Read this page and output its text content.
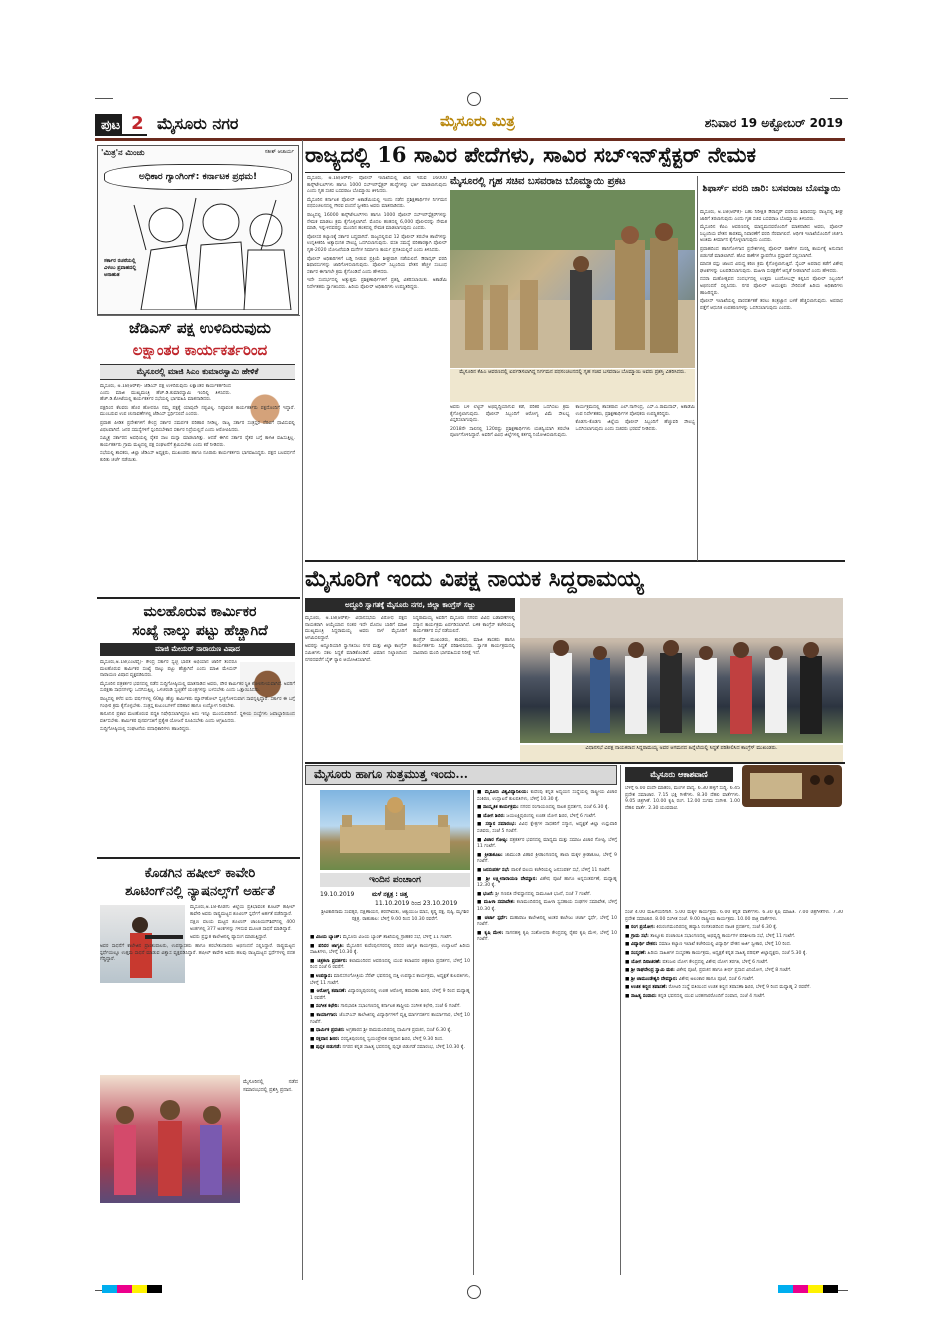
ಪುಟ 2 ಮೈಸೂರು ನಗರ	ಮೈಸೂರು ಮಿತ್ರ	ಶನಿವಾರ 19 ಅಕ್ಟೋಬರ್ 2019
'ಮಿತ್ರ'ನ ಮಿಂಚು	ಸತೀಶ್ ಆಚಾರ್ಯ
ಅಧಿಕಾರ ಗ್ಯಾಂಗಿಂಗ್: ಕರ್ನಾಟಕ ಪ್ರಥಮ!
ಸರ್ಕಾರ ರಚನೆಯಲ್ಲಿ ವಿಳಂಬ ಪ್ರವಾಹದಲ್ಲಿ ಅನಾಹುತ
ರಾಜ್ಯದಲ್ಲಿ 16 ಸಾವಿರ ಪೇದೆಗಳು, ಸಾವಿರ ಸಬ್‌ಇನ್‌ಸ್ಪೆಕ್ಟರ್ ನೇಮಕ
ಮೈಸೂರಲ್ಲಿ ಗೃಹ ಸಚಿವ ಬಸವರಾಜ ಬೊಮ್ಮಾಯಿ ಪ್ರಕಟ

ಮೈಸೂರು, ಅ.18(ಆರ್‌ಕೆ)- ಪೊಲೀಸ್ ಇಲಾಖೆಯಲ್ಲಿ ಖಾಲಿ ಇರುವ 16000 ಕಾನ್ಸ್‌ಟೇಬಲ್‌ಗಳು ಹಾಗೂ 1000 ಸಬ್‌ಇನ್‌ಸ್ಪೆಕ್ಟರ್ ಹುದ್ದೆಗಳನ್ನು ಭರ್ತಿ ಮಾಡಲಾಗುವುದು ಎಂದು ಗೃಹ ಸಚಿವ ಬಸವರಾಜ ಬೊಮ್ಮಾಯಿ ತಿಳಿಸಿದರು.

ಮೈಸೂರಿನ ಕರ್ನಾಟಕ ಪೊಲೀಸ್ ಅಕಾಡೆಮಿಯಲ್ಲಿ ಇಂದು ನಡೆದ ಪ್ರಶಿಕ್ಷಣಾರ್ಥಿಗಳ ನಿರ್ಗಮನ ಪಥಸಂಚಲನದಲ್ಲಿ ಗೌರವ ವಂದನೆ ಸ್ವೀಕರಿಸಿ ಅವರು ಮಾತನಾಡಿದರು.

ರಾಜ್ಯದಲ್ಲಿ 16000 ಕಾನ್ಸ್‌ಟೇಬಲ್‌ಗಳು ಹಾಗೂ 1000 ಪೊಲೀಸ್ ಸಬ್‌ಇನ್‌ಸ್ಪೆಕ್ಟರ್‌ಗಳನ್ನು ನೇಮಕ ಮಾಡಲು ಕ್ರಮ ಕೈಗೊಳ್ಳಲಾಗಿದೆ. ಮೊದಲ ಹಂತದಲ್ಲಿ 6,000 ಪೊಲೀಸರನ್ನು ನೇಮಕ ಮಾಡಿ, ಇನ್ನುಳಿದವರನ್ನು ಮುಂದಿನ ಹಂತದಲ್ಲಿ ನೇಮಕ ಮಾಡಲಾಗುವುದು ಎಂದರು.

ಪೊಲೀಸರ ಕಲ್ಯಾಣಕ್ಕೆ ಸರ್ಕಾರ ಬದ್ಧವಾಗಿದೆ. ರಾಜ್ಯದಲ್ಲಿರುವ 12 ಪೊಲೀಸ್ ತರಬೇತಿ ಶಾಲೆಗಳನ್ನು ಉನ್ನತೀಕರಿಸಿ ಅತ್ಯಾಧುನಿಕ ಸೌಲಭ್ಯ ಒದಗಿಸಲಾಗುವುದು. ವಸತಿ ಸಮಸ್ಯೆ ಪರಿಹಾರಕ್ಕಾಗಿ ಪೊಲೀಸ್ ಗೃಹ-2020 ಯೋಜನೆಯಡಿ ಮನೆಗಳ ನಿರ್ಮಾಣ ಕಾರ್ಯ ಪ್ರಗತಿಯಲ್ಲಿದೆ ಎಂದು ತಿಳಿಸಿದರು.

ಪೊಲೀಸ್ ಅಧಿಕಾರಿಗಳಿಗೆ ಬಡ್ತಿ ನೀಡುವ ಪ್ರಕ್ರಿಯೆ ಶೀಘ್ರವಾಗಿ ನಡೆಯಲಿದೆ. ಔರಾದ್ಕರ್ ವರದಿ ಶಿಫಾರಸುಗಳನ್ನು ಜಾರಿಗೊಳಿಸಲಾಗುವುದು. ಪೊಲೀಸ್ ಸಿಬ್ಬಂದಿಯ ವೇತನ ಹೆಚ್ಚಳ ಸಂಬಂಧ ಸರ್ಕಾರ ಈಗಾಗಲೇ ಕ್ರಮ ಕೈಗೊಂಡಿದೆ ಎಂದು ಹೇಳಿದರು.

ಇದೇ ಸಂದರ್ಭದಲ್ಲಿ ಅತ್ಯುತ್ತಮ ಪ್ರಶಿಕ್ಷಣಾರ್ಥಿಗಳಿಗೆ ಪ್ರಶಸ್ತಿ ವಿತರಿಸಲಾಯಿತು. ಅಕಾಡೆಮಿ ನಿರ್ದೇಶಕರು ಸ್ವಾಗತಿಸಿದರು. ಹಿರಿಯ ಪೊಲೀಸ್ ಅಧಿಕಾರಿಗಳು ಉಪಸ್ಥಿತರಿದ್ದರು.

ಮೈಸೂರಿನ ಕೆಪಿಎ ಆವರಣದಲ್ಲಿ ಏರ್ಪಡಿಸಲಾಗಿದ್ದ ನಿರ್ಗಮನ ಪಥಸಂಚಲನದಲ್ಲಿ ಗೃಹ ಸಚಿವ ಬಸವರಾಜ ಬೊಮ್ಮಾಯಿ ಅವರು ಪ್ರಶಸ್ತಿ ವಿತರಿಸಿದರು.
ಶಿಫಾರ್ಸ್ ವರದಿ ಜಾರಿ: ಬಸವರಾಜ ಬೊಮ್ಮಾಯಿ

ಮೈಸೂರು, ಅ.18(ಆರ್‌ಕೆ)- ಬಹು ನಿರೀಕ್ಷಿತ ಔರಾದ್ಕರ್ ವರದಿಯ ಶಿಫಾರಸನ್ನು ರಾಜ್ಯದಲ್ಲಿ ಶೀಘ್ರ ಜಾರಿಗೆ ತರಲಾಗುವುದು ಎಂದು ಗೃಹ ಸಚಿವ ಬಸವರಾಜ ಬೊಮ್ಮಾಯಿ ತಿಳಿಸಿದರು.

ಮೈಸೂರಿನ ಕೆಪಿಎ ಆವರಣದಲ್ಲಿ ಮಾಧ್ಯಮದವರೊಂದಿಗೆ ಮಾತನಾಡಿದ ಅವರು, ಪೊಲೀಸ್ ಸಿಬ್ಬಂದಿಯ ವೇತನ ತಾರತಮ್ಯ ನಿವಾರಣೆಗೆ ವರದಿ ನೆರವಾಗಲಿದೆ. ಆರ್ಥಿಕ ಇಲಾಖೆಯೊಂದಿಗೆ ಚರ್ಚಿಸಿ ಅಂತಿಮ ತೀರ್ಮಾನ ಕೈಗೊಳ್ಳಲಾಗುವುದು ಎಂದರು.

ಪ್ರವಾಹದಿಂದ ಹಾನಿಗೊಳಗಾದ ಪ್ರದೇಶಗಳಲ್ಲಿ ಪೊಲೀಸ್ ಠಾಣೆಗಳ ದುರಸ್ತಿ ಕಾರ್ಯಕ್ಕೆ ಅನುದಾನ ಬಿಡುಗಡೆ ಮಾಡಲಾಗಿದೆ. ಹೊಸ ಠಾಣೆಗಳ ಸ್ಥಾಪನೆಗೂ ಪ್ರಸ್ತಾವನೆ ಸಲ್ಲಿಸಲಾಗಿದೆ.

ಮಾದಕ ವಸ್ತು ಜಾಲದ ವಿರುದ್ಧ ಕಠಿಣ ಕ್ರಮ ಕೈಗೊಳ್ಳಲಾಗುತ್ತಿದೆ. ಸೈಬರ್ ಅಪರಾಧ ತಡೆಗೆ ವಿಶೇಷ ಘಟಕಗಳನ್ನು ಬಲಪಡಿಸಲಾಗುವುದು. ಮಹಿಳಾ ಸುರಕ್ಷತೆಗೆ ಆದ್ಯತೆ ನೀಡಲಾಗಿದೆ ಎಂದು ಹೇಳಿದರು.

ದಸರಾ ಮಹೋತ್ಸವದ ಸಂದರ್ಭದಲ್ಲಿ ಉತ್ತಮ ಬಂದೋಬಸ್ತ್ ಕಲ್ಪಿಸಿದ ಪೊಲೀಸ್ ಸಿಬ್ಬಂದಿಗೆ ಅಭಿನಂದನೆ ಸಲ್ಲಿಸಿದರು. ನಗರ ಪೊಲೀಸ್ ಆಯುಕ್ತರು ಸೇರಿದಂತೆ ಹಿರಿಯ ಅಧಿಕಾರಿಗಳು ಹಾಜರಿದ್ದರು.

ಪೊಲೀಸ್ ಇಲಾಖೆಯಲ್ಲಿ ಪಾರದರ್ಶಕತೆ ತರಲು ತಂತ್ರಜ್ಞಾನ ಬಳಕೆ ಹೆಚ್ಚಿಸಲಾಗುವುದು. ಅಪರಾಧ ಪತ್ತೆಗೆ ಆಧುನಿಕ ಉಪಕರಣಗಳನ್ನು ಒದಗಿಸಲಾಗುವುದು ಎಂದರು.

ಅವರು ಬಳಿ ಲೆಟ್ಟಿಸ್ ಅಭಿವೃದ್ಧಿಯಾಗುವ ಕಡೆ, ಪರಿಕರ ಒದಗಿಸಲು ಕ್ರಮ ಕೈಗೊಳ್ಳಲಾಗುವುದು. ಪೊಲೀಸ್ ಸಿಬ್ಬಂದಿಗೆ ಆರೋಗ್ಯ ವಿಮೆ ಸೌಲಭ್ಯ ವಿಸ್ತರಿಸಲಾಗುವುದು.

2018ನೇ ಸಾಲಿನಲ್ಲಿ 120ರಷ್ಟು ಪ್ರಶಿಕ್ಷಣಾರ್ಥಿಗಳು ಯಶಸ್ವಿಯಾಗಿ ತರಬೇತಿ ಪೂರ್ಣಗೊಳಿಸಿದ್ದಾರೆ. ಅವರಿಗೆ ವಿವಿಧ ಜಿಲ್ಲೆಗಳಲ್ಲಿ ಕರ್ತವ್ಯ ನಿಯೋಜಿಸಲಾಗುವುದು.

ಕಾರ್ಯಕ್ರಮದಲ್ಲಿ ಶಾಸಕರಾದ ಎಲ್.ನಾಗೇಂದ್ರ, ಎಸ್.ಎ.ರಾಮದಾಸ್, ಅಕಾಡೆಮಿ ಉಪ ನಿರ್ದೇಶಕರು, ಪ್ರಶಿಕ್ಷಣಾರ್ಥಿಗಳ ಪೋಷಕರು ಉಪಸ್ಥಿತರಿದ್ದರು.

ಕೊಡಗು-ಕೊಡಗು ಜಿಲ್ಲೆಯ ಪೊಲೀಸ್ ಸಿಬ್ಬಂದಿಗೆ ಹೆಚ್ಚುವರಿ ಸೌಲಭ್ಯ ಒದಗಿಸಲಾಗುವುದು ಎಂದು ಸಚಿವರು ಭರವಸೆ ನೀಡಿದರು.

ಜೆಡಿಎಸ್ ಪಕ್ಷ ಉಳಿದಿರುವುದು
ಲಕ್ಷಾಂತರ ಕಾರ್ಯಕರ್ತರಿಂದ
ಮೈಸೂರಲ್ಲಿ ಮಾಜಿ ಸಿಎಂ ಕುಮಾರಸ್ವಾಮಿ ಹೇಳಿಕೆ

ಮೈಸೂರು, ಅ.18(ಆರ್‌ಕೆ)- ಜೆಡಿಎಸ್ ಪಕ್ಷ ಉಳಿದಿರುವುದು ಲಕ್ಷಾಂತರ ಕಾರ್ಯಕರ್ತರಿಂದ ಎಂದು ಮಾಜಿ ಮುಖ್ಯಮಂತ್ರಿ ಹೆಚ್.ಡಿ.ಕುಮಾರಸ್ವಾಮಿ ಇಂದಿಲ್ಲಿ ತಿಳಿಸಿದರು. ಹೆಚ್.ಡಿ.ಕೋಟೆಯಲ್ಲಿ ಕಾರ್ಯಕರ್ತರ ಸಭೆಯಲ್ಲಿ ಭಾಗವಹಿಸಿ ಮಾತನಾಡಿದರು.

ಪಕ್ಷದಿಂದ ಕೆಲವರು ಹೊರ ಹೋದರೂ ನಮ್ಮ ಪಕ್ಷಕ್ಕೆ ಯಾವುದೇ ನಷ್ಟವಿಲ್ಲ. ನಿಷ್ಠಾವಂತ ಕಾರ್ಯಕರ್ತರು ಪಕ್ಷದೊಂದಿಗೆ ಇದ್ದಾರೆ. ಮುಂಬರುವ ಉಪ ಚುನಾವಣೆಗಳಲ್ಲಿ ಜೆಡಿಎಸ್ ಸ್ಪರ್ಧಿಸಲಿದೆ ಎಂದರು.

ಪ್ರವಾಹ ಪೀಡಿತ ಪ್ರದೇಶಗಳಿಗೆ ಕೇಂದ್ರ ಸರ್ಕಾರ ಸಮರ್ಪಕ ಪರಿಹಾರ ನೀಡಿಲ್ಲ. ರಾಜ್ಯ ಸರ್ಕಾರ ಸಂತ್ರಸ್ತರ ನೆರವಿಗೆ ಧಾವಿಸುವಲ್ಲಿ ವಿಫಲವಾಗಿದೆ. ಜನರ ಸಮಸ್ಯೆಗಳಿಗೆ ಸ್ಪಂದಿಸಬೇಕಾದ ಸರ್ಕಾರ ನಿದ್ರೆಯಲ್ಲಿದೆ ಎಂದು ಆರೋಪಿಸಿದರು.

ಸಮ್ಮಿಶ್ರ ಸರ್ಕಾರದ ಅವಧಿಯಲ್ಲಿ ರೈತರ ಸಾಲ ಮನ್ನಾ ಮಾಡಲಾಗಿತ್ತು. ಆದರೆ ಈಗಿನ ಸರ್ಕಾರ ರೈತರ ಬಗ್ಗೆ ಕಾಳಜಿ ವಹಿಸುತ್ತಿಲ್ಲ. ಕಾರ್ಯಕರ್ತರು ಗ್ರಾಮ ಮಟ್ಟದಲ್ಲಿ ಪಕ್ಷ ಸಂಘಟನೆಗೆ ಶ್ರಮಿಸಬೇಕು ಎಂದು ಕರೆ ನೀಡಿದರು.

ಸಭೆಯಲ್ಲಿ ಶಾಸಕರು, ಜಿಲ್ಲಾ ಜೆಡಿಎಸ್ ಅಧ್ಯಕ್ಷರು, ಮುಖಂಡರು ಹಾಗೂ ನೂರಾರು ಕಾರ್ಯಕರ್ತರು ಭಾಗವಹಿಸಿದ್ದರು. ಪಕ್ಷದ ಬಲವರ್ಧನೆ ಕುರಿತು ಚರ್ಚೆ ನಡೆಯಿತು.

ಮೈಸೂರಿಗೆ ಇಂದು ವಿಪಕ್ಷ ನಾಯಕ ಸಿದ್ದರಾಮಯ್ಯ
ಅದ್ಧೂರಿ ಸ್ವಾಗತಕ್ಕೆ ಮೈಸೂರು ನಗರ, ಜಿಲ್ಲಾ ಕಾಂಗ್ರೆಸ್ ಸಜ್ಜು

ಮೈಸೂರು, ಅ.18(ಆರ್‌ಕೆ)- ವಿಧಾನಸಭೆಯ ವಿರೋಧ ಪಕ್ಷದ ನಾಯಕರಾಗಿ ಆಯ್ಕೆಯಾದ ನಂತರ ಇದೇ ಮೊದಲ ಬಾರಿಗೆ ಮಾಜಿ ಮುಖ್ಯಮಂತ್ರಿ ಸಿದ್ದರಾಮಯ್ಯ ಅವರು ನಾಳೆ ಮೈಸೂರಿಗೆ ಆಗಮಿಸಲಿದ್ದಾರೆ.

ಅವರನ್ನು ಅದ್ಧೂರಿಯಾಗಿ ಸ್ವಾಗತಿಸಲು ನಗರ ಮತ್ತು ಜಿಲ್ಲಾ ಕಾಂಗ್ರೆಸ್ ಸಮಿತಿಗಳು ಸಕಲ ಸಿದ್ಧತೆ ಮಾಡಿಕೊಂಡಿವೆ. ವಿಮಾನ ನಿಲ್ದಾಣದಿಂದ ನಗರದವರೆಗೆ ಬೈಕ್ ರ‍್ಯಾಲಿ ಆಯೋಜಿಸಲಾಗಿದೆ.

ಸಿದ್ದರಾಮಯ್ಯ ಅವರಿಗೆ ಮೈಸೂರು ನಗರದ ವಿವಿಧ ಬಡಾವಣೆಗಳಲ್ಲಿ ಸನ್ಮಾನ ಕಾರ್ಯಕ್ರಮ ಏರ್ಪಡಿಸಲಾಗಿದೆ. ಬಳಿಕ ಕಾಂಗ್ರೆಸ್ ಕಚೇರಿಯಲ್ಲಿ ಕಾರ್ಯಕರ್ತರ ಸಭೆ ನಡೆಯಲಿದೆ.

ಕಾಂಗ್ರೆಸ್ ಮುಖಂಡರು, ಶಾಸಕರು, ಮಾಜಿ ಶಾಸಕರು ಹಾಗೂ ಕಾರ್ಯಕರ್ತರು ಸಿದ್ಧತೆ ಪರಿಶೀಲಿಸಿದರು. ಸ್ವಾಗತ ಕಾರ್ಯಕ್ರಮದಲ್ಲಿ ಸಾವಿರಾರು ಮಂದಿ ಭಾಗವಹಿಸುವ ನಿರೀಕ್ಷೆ ಇದೆ.

ವಿಧಾನಸಭೆ ವಿಪಕ್ಷ ನಾಯಕರಾದ ಸಿದ್ದರಾಮಯ್ಯ ಅವರ ಆಗಮನದ ಹಿನ್ನೆಲೆಯಲ್ಲಿ ಸಿದ್ಧತೆ ಪರಿಶೀಲಿಸಿದ ಕಾಂಗ್ರೆಸ್ ಮುಖಂಡರು.
ಮಲಹೊರುವ ಕಾರ್ಮಿಕರ
ಸಂಖ್ಯೆ ನಾಲ್ಕು ಪಟ್ಟು ಹೆಚ್ಚಾಗಿದೆ
ಮಾಜಿ ಮೇಯರ್ ನಾರಾಯಣ ವಿಷಾದ

ಮೈಸೂರು,ಅ.18(ಎಂಟಿವೈ)- ಕೇಂದ್ರ ಸರ್ಕಾರ ಸ್ವಚ್ಛ ಭಾರತ ಅಭಿಯಾನ ಜಾರಿಗೆ ತಂದರೂ ಮಲಹೊರುವ ಕಾರ್ಮಿಕರ ಸಂಖ್ಯೆ ನಾಲ್ಕು ಪಟ್ಟು ಹೆಚ್ಚಾಗಿದೆ ಎಂದು ಮಾಜಿ ಮೇಯರ್ ನಾರಾಯಣ ವಿಷಾದ ವ್ಯಕ್ತಪಡಿಸಿದರು.

ಮೈಸೂರಿನ ಪತ್ರಕರ್ತರ ಭವನದಲ್ಲಿ ನಡೆದ ಸುದ್ದಿಗೋಷ್ಠಿಯಲ್ಲಿ ಮಾತನಾಡಿದ ಅವರು, ಪೌರ ಕಾರ್ಮಿಕರ ಸ್ಥಿತಿ ಶೋಚನೀಯವಾಗಿದೆ. ಅವರಿಗೆ ಸುರಕ್ಷತಾ ಸಾಧನಗಳನ್ನು ಒದಗಿಸುತ್ತಿಲ್ಲ. ಒಳಚರಂಡಿ ಸ್ವಚ್ಛತೆಗೆ ಯಂತ್ರಗಳನ್ನು ಬಳಸಬೇಕು ಎಂದು ಒತ್ತಾಯಿಸಿದರು.

ರಾಜ್ಯದಲ್ಲಿ ಕಳೆದ ಐದು ವರ್ಷಗಳಲ್ಲಿ 60ಕ್ಕೂ ಹೆಚ್ಚು ಕಾರ್ಮಿಕರು ಮ್ಯಾನ್‌ಹೋಲ್ ಸ್ವಚ್ಛಗೊಳಿಸುವಾಗ ಸಾವನ್ನಪ್ಪಿದ್ದಾರೆ. ಸರ್ಕಾರ ಈ ಬಗ್ಗೆ ಗಂಭೀರ ಕ್ರಮ ಕೈಗೊಳ್ಳಬೇಕು. ಸಂತ್ರಸ್ತ ಕುಟುಂಬಗಳಿಗೆ ಪರಿಹಾರ ಹಾಗೂ ಉದ್ಯೋಗ ನೀಡಬೇಕು.

ಕಾನೂನಿನ ಪ್ರಕಾರ ಮಲಹೊರುವ ಪದ್ಧತಿ ನಿಷೇಧಿಸಲಾಗಿದ್ದರೂ ಅದು ಇನ್ನೂ ಮುಂದುವರಿದಿದೆ. ಸ್ಥಳೀಯ ಸಂಸ್ಥೆಗಳು ಜವಾಬ್ದಾರಿಯಿಂದ ವರ್ತಿಸಬೇಕು. ಕಾರ್ಮಿಕರ ಪುನರ್ವಸತಿಗೆ ಪ್ರತ್ಯೇಕ ಯೋಜನೆ ರೂಪಿಸಬೇಕು ಎಂದು ಆಗ್ರಹಿಸಿದರು.

ಸುದ್ದಿಗೋಷ್ಠಿಯಲ್ಲಿ ಸಂಘಟನೆಯ ಪದಾಧಿಕಾರಿಗಳು ಹಾಜರಿದ್ದರು.

ಕೊಡಗಿನ ಹಷೀಲ್ ಕಾವೇರಿ
ಶೂಟಿಂಗ್‌ನಲ್ಲಿ ನ್ಯಾಷನಲ್ಸ್‌ಗೆ ಅರ್ಹತೆ

ಮೈಸೂರು,ಅ.18-ಕೊಡಗು ಜಿಲ್ಲೆಯ ಪ್ರತಿಭಾವಂತ ಶೂಟರ್ ಹಷೀಲ್ ಕಾವೇರಿ ಅವರು ರಾಷ್ಟ್ರಮಟ್ಟದ ಶೂಟಿಂಗ್ ಸ್ಪರ್ಧೆಗೆ ಅರ್ಹತೆ ಪಡೆದಿದ್ದಾರೆ.

ದಕ್ಷಿಣ ವಲಯ ಮಟ್ಟದ ಶೂಟಿಂಗ್ ಚಾಂಪಿಯನ್‌ಶಿಪ್‌ನಲ್ಲಿ 400 ಅಂಕಗಳಲ್ಲಿ 377 ಅಂಕಗಳನ್ನು ಗಳಿಸುವ ಮೂಲಕ ಸಾಧನೆ ಮಾಡಿದ್ದಾರೆ.

ಅವರು ಪ್ರಸ್ತುತ ಕಾಲೇಜಿನಲ್ಲಿ ವ್ಯಾಸಂಗ ಮಾಡುತ್ತಿದ್ದಾರೆ.

ಅವರ ಸಾಧನೆಗೆ ಕಾಲೇಜಿನ ಪ್ರಾಂಶುಪಾಲರು, ಉಪನ್ಯಾಸಕರು ಹಾಗೂ ತರಬೇತುದಾರರು ಅಭಿನಂದನೆ ಸಲ್ಲಿಸಿದ್ದಾರೆ. ರಾಷ್ಟ್ರಮಟ್ಟದ ಸ್ಪರ್ಧೆಯಲ್ಲೂ ಉತ್ತಮ ಸಾಧನೆ ಮಾಡುವ ವಿಶ್ವಾಸ ವ್ಯಕ್ತಪಡಿಸಿದ್ದಾರೆ. ಹಷೀಲ್ ಕಾವೇರಿ ಅವರು ಹಲವು ರಾಜ್ಯಮಟ್ಟದ ಸ್ಪರ್ಧೆಗಳಲ್ಲಿ ಪದಕ ಗೆದ್ದಿದ್ದಾರೆ.

ಮೈಸೂರಿನಲ್ಲಿ ನಡೆದ ಸಮಾರಂಭದಲ್ಲಿ ಪ್ರಶಸ್ತಿ ಪ್ರದಾನ.
ಮೈಸೂರು ಹಾಗೂ ಸುತ್ತಮುತ್ತ ಇಂದು...
ಇಂದಿನ ಪಂಚಾಂಗ
19.10.2019	ಮಳೆ ನಕ್ಷತ್ರ : ಚಿತ್ತ
11.10.2019 ರಿಂದ 23.10.2019

ಶ್ರೀವಿಕಾರಿನಾಮ ಸಂವತ್ಸರ, ದಕ್ಷಿಣಾಯನ, ಶರದ್‌ಋತು, ಆಶ್ವಯುಜ ಮಾಸ, ಕೃಷ್ಣ ಪಕ್ಷ, ಷಷ್ಠಿ, ಮೃಗಶಿರ ನಕ್ಷತ್ರ. ರಾಹುಕಾಲ: ಬೆಳಿಗ್ಗೆ 9.00 ರಿಂದ 10.30 ರವರೆಗೆ.

■ ವಿಜಯ ಬ್ಯಾಂಕ್: ಮೈಸೂರು ವಿಜಯ ಬ್ಯಾಂಕ್ ಶಾಖೆಯಲ್ಲಿ ಗ್ರಾಹಕರ ಸಭೆ, ಬೆಳಿಗ್ಗೆ 11 ಗಂಟೆಗೆ.

■ ಪರಿಸರ ಜಾಗೃತಿ: ಮೈಸೂರಿನ ಕುವೆಂಪುನಗರದಲ್ಲಿ ಪರಿಸರ ಜಾಗೃತಿ ಕಾರ್ಯಕ್ರಮ, ಉದ್ಘಾಟನೆ ಹಿರಿಯ ಸಾಹಿತಿಗಳು, ಬೆಳಿಗ್ಗೆ 10.30 ಕ್ಕೆ.

■ ಚಿತ್ರಕಲಾ ಪ್ರದರ್ಶನ: ಕಲಾಮಂದಿರದ ಆವರಣದಲ್ಲಿ ಯುವ ಕಲಾವಿದರ ಚಿತ್ರಕಲಾ ಪ್ರದರ್ಶನ, ಬೆಳಿಗ್ಗೆ 10 ರಿಂದ ಸಂಜೆ 6 ರವರೆಗೆ.

■ ಉಪನ್ಯಾಸ: ಮಾನಸಗಂಗೋತ್ರಿಯ ಸೆನೆಟ್ ಭವನದಲ್ಲಿ ದತ್ತಿ ಉಪನ್ಯಾಸ ಕಾರ್ಯಕ್ರಮ, ಅಧ್ಯಕ್ಷತೆ ಕುಲಪತಿಗಳು, ಬೆಳಿಗ್ಗೆ 11 ಗಂಟೆಗೆ.

■ ಆರೋಗ್ಯ ತಪಾಸಣೆ: ವಿದ್ಯಾರಣ್ಯಪುರಂನಲ್ಲಿ ಉಚಿತ ಆರೋಗ್ಯ ತಪಾಸಣಾ ಶಿಬಿರ, ಬೆಳಿಗ್ಗೆ 9 ರಿಂದ ಮಧ್ಯಾಹ್ನ 1 ರವರೆಗೆ.

■ ಸಂಗೀತ ಕಛೇರಿ: ಗಾನಭಾರತಿ ಸಭಾಂಗಣದಲ್ಲಿ ಕರ್ನಾಟಕ ಶಾಸ್ತ್ರೀಯ ಸಂಗೀತ ಕಛೇರಿ, ಸಂಜೆ 6 ಗಂಟೆಗೆ.

■ ಕಾರ್ಯಾಗಾರ: ಜೆಎಸ್‌ಎಸ್ ಕಾಲೇಜಿನಲ್ಲಿ ವಿದ್ಯಾರ್ಥಿಗಳಿಗೆ ವೃತ್ತಿ ಮಾರ್ಗದರ್ಶನ ಕಾರ್ಯಾಗಾರ, ಬೆಳಿಗ್ಗೆ 10 ಗಂಟೆಗೆ.

■ ಧಾರ್ಮಿಕ ಪ್ರವಚನ: ಅಗ್ರಹಾರದ ಶ್ರೀ ರಾಮಮಂದಿರದಲ್ಲಿ ಧಾರ್ಮಿಕ ಪ್ರವಚನ, ಸಂಜೆ 6.30 ಕ್ಕೆ.

■ ರಕ್ತದಾನ ಶಿಬಿರ: ಸರಸ್ವತಿಪುರಂನಲ್ಲಿ ಸ್ವಯಂಪ್ರೇರಿತ ರಕ್ತದಾನ ಶಿಬಿರ, ಬೆಳಿಗ್ಗೆ 9.30 ರಿಂದ.

■ ಪುಸ್ತಕ ಬಿಡುಗಡೆ: ನಗರದ ಕನ್ನಡ ಸಾಹಿತ್ಯ ಭವನದಲ್ಲಿ ಪುಸ್ತಕ ಬಿಡುಗಡೆ ಸಮಾರಂಭ, ಬೆಳಿಗ್ಗೆ 10.30 ಕ್ಕೆ.

■ ಮೈಸೂರು ವಿಶ್ವವಿದ್ಯಾನಿಲಯ: ಕುವೆಂಪು ಕನ್ನಡ ಅಧ್ಯಯನ ಸಂಸ್ಥೆಯಲ್ಲಿ ರಾಷ್ಟ್ರೀಯ ವಿಚಾರ ಸಂಕಿರಣ, ಉದ್ಘಾಟನೆ ಕುಲಪತಿಗಳು, ಬೆಳಿಗ್ಗೆ 10.30 ಕ್ಕೆ.

■ ಸಾಂಸ್ಕೃತಿಕ ಕಾರ್ಯಕ್ರಮ: ನಗರದ ರಂಗಾಯಣದಲ್ಲಿ ನಾಟಕ ಪ್ರದರ್ಶನ, ಸಂಜೆ 6.30 ಕ್ಕೆ.

■ ಯೋಗ ಶಿಬಿರ: ಜಯಲಕ್ಷ್ಮಿಪುರಂನಲ್ಲಿ ಉಚಿತ ಯೋಗ ಶಿಬಿರ, ಬೆಳಿಗ್ಗೆ 6 ಗಂಟೆಗೆ.

■ ಸನ್ಮಾನ ಸಮಾರಂಭ: ವಿವಿಧ ಕ್ಷೇತ್ರಗಳ ಸಾಧಕರಿಗೆ ಸನ್ಮಾನ, ಅಧ್ಯಕ್ಷತೆ ಜಿಲ್ಲಾ ಉಸ್ತುವಾರಿ ಸಚಿವರು, ಸಂಜೆ 5 ಗಂಟೆಗೆ.

■ ವಿಚಾರ ಗೋಷ್ಠಿ: ಪತ್ರಕರ್ತರ ಭವನದಲ್ಲಿ ಮಾಧ್ಯಮ ಮತ್ತು ಸಮಾಜ ವಿಚಾರ ಗೋಷ್ಠಿ, ಬೆಳಿಗ್ಗೆ 11 ಗಂಟೆಗೆ.

■ ಕ್ರೀಡಾಕೂಟ: ಚಾಮುಂಡಿ ವಿಹಾರ ಕ್ರೀಡಾಂಗಣದಲ್ಲಿ ಶಾಲಾ ಮಕ್ಕಳ ಕ್ರೀಡಾಕೂಟ, ಬೆಳಿಗ್ಗೆ 9 ಗಂಟೆಗೆ.

■ ಜನಸಂಪರ್ಕ ಸಭೆ: ಪಾಲಿಕೆ ವಲಯ ಕಚೇರಿಯಲ್ಲಿ ಜನಸಂಪರ್ಕ ಸಭೆ, ಬೆಳಿಗ್ಗೆ 11 ಗಂಟೆಗೆ.

■ ಶ್ರೀ ಲಕ್ಷ್ಮೀನಾರಾಯಣ ದೇವಸ್ಥಾನ: ವಿಶೇಷ ಪೂಜೆ ಹಾಗೂ ಅನ್ನಸಂತರ್ಪಣೆ, ಮಧ್ಯಾಹ್ನ 12.30 ಕ್ಕೆ.

■ ಭಜನೆ: ಶ್ರೀ ಗಣಪತಿ ದೇವಸ್ಥಾನದಲ್ಲಿ ಸಾಮೂಹಿಕ ಭಜನೆ, ಸಂಜೆ 7 ಗಂಟೆಗೆ.

■ ಮಹಿಳಾ ಸಮಾವೇಶ: ಕಲಾಮಂದಿರದಲ್ಲಿ ಮಹಿಳಾ ಸ್ವಸಹಾಯ ಸಂಘಗಳ ಸಮಾವೇಶ, ಬೆಳಿಗ್ಗೆ 10.30 ಕ್ಕೆ.

■ ಚರ್ಚಾ ಸ್ಪರ್ಧೆ: ಮಹಾರಾಜ ಕಾಲೇಜಿನಲ್ಲಿ ಅಂತರ ಕಾಲೇಜು ಚರ್ಚಾ ಸ್ಪರ್ಧೆ, ಬೆಳಿಗ್ಗೆ 10 ಗಂಟೆಗೆ.

■ ಕೃಷಿ ಮೇಳ: ನಾಗನಹಳ್ಳಿ ಕೃಷಿ ಸಂಶೋಧನಾ ಕೇಂದ್ರದಲ್ಲಿ ರೈತರ ಕೃಷಿ ಮೇಳ, ಬೆಳಿಗ್ಗೆ 10 ಗಂಟೆಗೆ.

ಮೈಸೂರು ಆಕಾಶವಾಣಿ

ಬೆಳಿಗ್ಗೆ 6.00 ವಂದೇ ಮಾತರಂ, ಮಂಗಳ ವಾದ್ಯ. 6.30 ಹಳ್ಳಿಗೆ ಸುದ್ದಿ. 6.45 ಪ್ರದೇಶ ಸಮಾಚಾರ. 7.15 ಭಕ್ತಿ ಗೀತೆಗಳು. 8.30 ದೆಹಲಿ ವಾರ್ತೆಗಳು. 9.05 ಚಿತ್ರಗೀತೆ. 10.00 ಕೃಷಿ ರಂಗ. 12.00 ಸುಗಮ ಸಂಗೀತ. 1.00 ದೆಹಲಿ ವಾರ್ತೆ. 2.30 ಯುವವಾಣಿ.

ಸಂಜೆ 4.00 ಮಹಿಳೆಯರಿಗಾಗಿ. 5.00 ಮಕ್ಕಳ ಕಾರ್ಯಕ್ರಮ. 6.00 ಕನ್ನಡ ವಾರ್ತೆಗಳು. 6.30 ಕೃಷಿ ಮಾಹಿತಿ. 7.00 ಚಿತ್ರಗೀತೆಗಳು. 7.30 ಪ್ರದೇಶ ಸಮಾಚಾರ. 8.00 ಸಂಗೀತ ಸಂಜೆ. 9.00 ರಾಷ್ಟ್ರೀಯ ಕಾರ್ಯಕ್ರಮ. 10.00 ರಾತ್ರಿ ವಾರ್ತೆಗಳು.

■ ರಂಗ ಪ್ರಯೋಗ: ಕಿರುರಂಗಮಂದಿರದಲ್ಲಿ ಹವ್ಯಾಸಿ ರಂಗತಂಡದಿಂದ ನಾಟಕ ಪ್ರದರ್ಶನ, ಸಂಜೆ 6.30 ಕ್ಕೆ.

■ ಗ್ರಾಮ ಸಭೆ: ತಾಲ್ಲೂಕು ಪಂಚಾಯಿತಿ ಸಭಾಂಗಣದಲ್ಲಿ ಅಭಿವೃದ್ಧಿ ಕಾರ್ಯಗಳ ಪರಿಶೀಲನಾ ಸಭೆ, ಬೆಳಿಗ್ಗೆ 11 ಗಂಟೆಗೆ.

■ ವಿದ್ಯಾರ್ಥಿ ವೇತನ: ಸಮಾಜ ಕಲ್ಯಾಣ ಇಲಾಖೆ ಕಚೇರಿಯಲ್ಲಿ ವಿದ್ಯಾರ್ಥಿ ವೇತನ ಅರ್ಜಿ ಸ್ವೀಕಾರ, ಬೆಳಿಗ್ಗೆ 10 ರಿಂದ.

■ ಸಂಸ್ಮರಣೆ: ಹಿರಿಯ ಸಾಹಿತಿಗಳ ಸಂಸ್ಮರಣಾ ಕಾರ್ಯಕ್ರಮ, ಅಧ್ಯಕ್ಷತೆ ಕನ್ನಡ ಸಾಹಿತ್ಯ ಪರಿಷತ್ ಜಿಲ್ಲಾಧ್ಯಕ್ಷರು, ಸಂಜೆ 5.30 ಕ್ಕೆ.

■ ಯೋಗ ದಿನಾಚರಣೆ: ಪತಂಜಲಿ ಯೋಗ ಕೇಂದ್ರದಲ್ಲಿ ವಿಶೇಷ ಯೋಗ ತರಗತಿ, ಬೆಳಿಗ್ಗೆ 6 ಗಂಟೆಗೆ.

■ ಶ್ರೀ ರಾಘವೇಂದ್ರ ಸ್ವಾಮಿ ಮಠ: ವಿಶೇಷ ಪೂಜೆ, ಪ್ರವಚನ ಹಾಗೂ ತೀರ್ಥ ಪ್ರಸಾದ ವಿನಿಯೋಗ, ಬೆಳಿಗ್ಗೆ 8 ಗಂಟೆಗೆ.

■ ಶ್ರೀ ಚಾಮುಂಡೇಶ್ವರಿ ದೇವಸ್ಥಾನ: ವಿಶೇಷ ಅಲಂಕಾರ ಹಾಗೂ ಪೂಜೆ, ಸಂಜೆ 6 ಗಂಟೆಗೆ.

■ ಉಚಿತ ಕಣ್ಣಿನ ತಪಾಸಣೆ: ರೋಟರಿ ಸಂಸ್ಥೆ ವತಿಯಿಂದ ಉಚಿತ ಕಣ್ಣಿನ ತಪಾಸಣಾ ಶಿಬಿರ, ಬೆಳಿಗ್ಗೆ 9 ರಿಂದ ಮಧ್ಯಾಹ್ನ 2 ರವರೆಗೆ.

■ ಸಾಹಿತ್ಯ ಸಂವಾದ: ಕನ್ನಡ ಭವನದಲ್ಲಿ ಯುವ ಬರಹಗಾರರೊಂದಿಗೆ ಸಂವಾದ, ಸಂಜೆ 4 ಗಂಟೆಗೆ.
